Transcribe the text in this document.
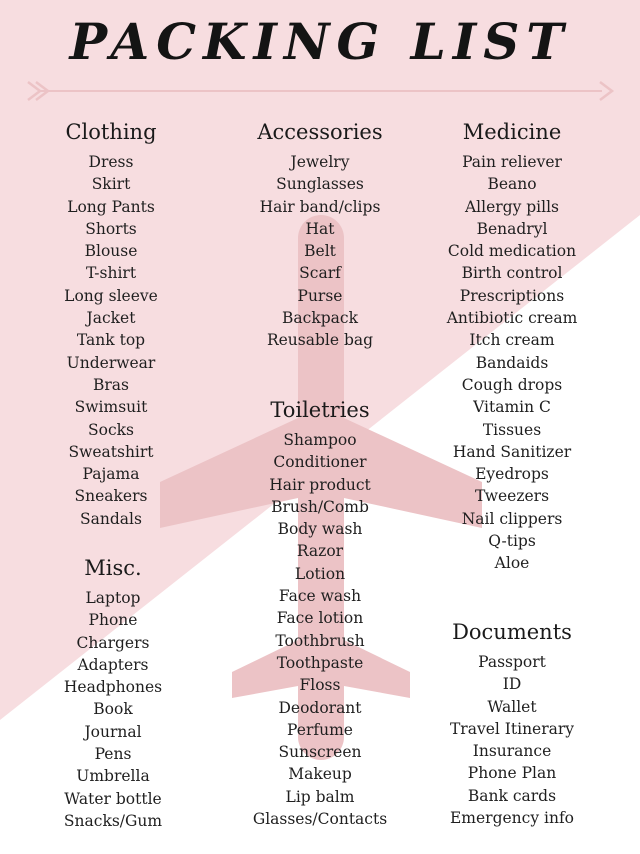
PACKING LIST
Clothing
Dress
Skirt
Long Pants
Shorts
Blouse
T-shirt
Long sleeve
Jacket
Tank top
Underwear
Bras
Swimsuit
Socks
Sweatshirt
Pajama
Sneakers
Sandals
Misc.
Laptop
Phone
Chargers
Adapters
Headphones
Book
Journal
Pens
Umbrella
Water bottle
Snacks/Gum
Accessories
Jewelry
Sunglasses
Hair band/clips
Hat
Belt
Scarf
Purse
Backpack
Reusable bag
Toiletries
Shampoo
Conditioner
Hair product
Brush/Comb
Body wash
Razor
Lotion
Face wash
Face lotion
Toothbrush
Toothpaste
Floss
Deodorant
Perfume
Sunscreen
Makeup
Lip balm
Glasses/Contacts
Medicine
Pain reliever
Beano
Allergy pills
Benadryl
Cold medication
Birth control
Prescriptions
Antibiotic cream
Itch cream
Bandaids
Cough drops
Vitamin C
Tissues
Hand Sanitizer
Eyedrops
Tweezers
Nail clippers
Q-tips
Aloe
Documents
Passport
ID
Wallet
Travel Itinerary
Insurance
Phone Plan
Bank cards
Emergency info
